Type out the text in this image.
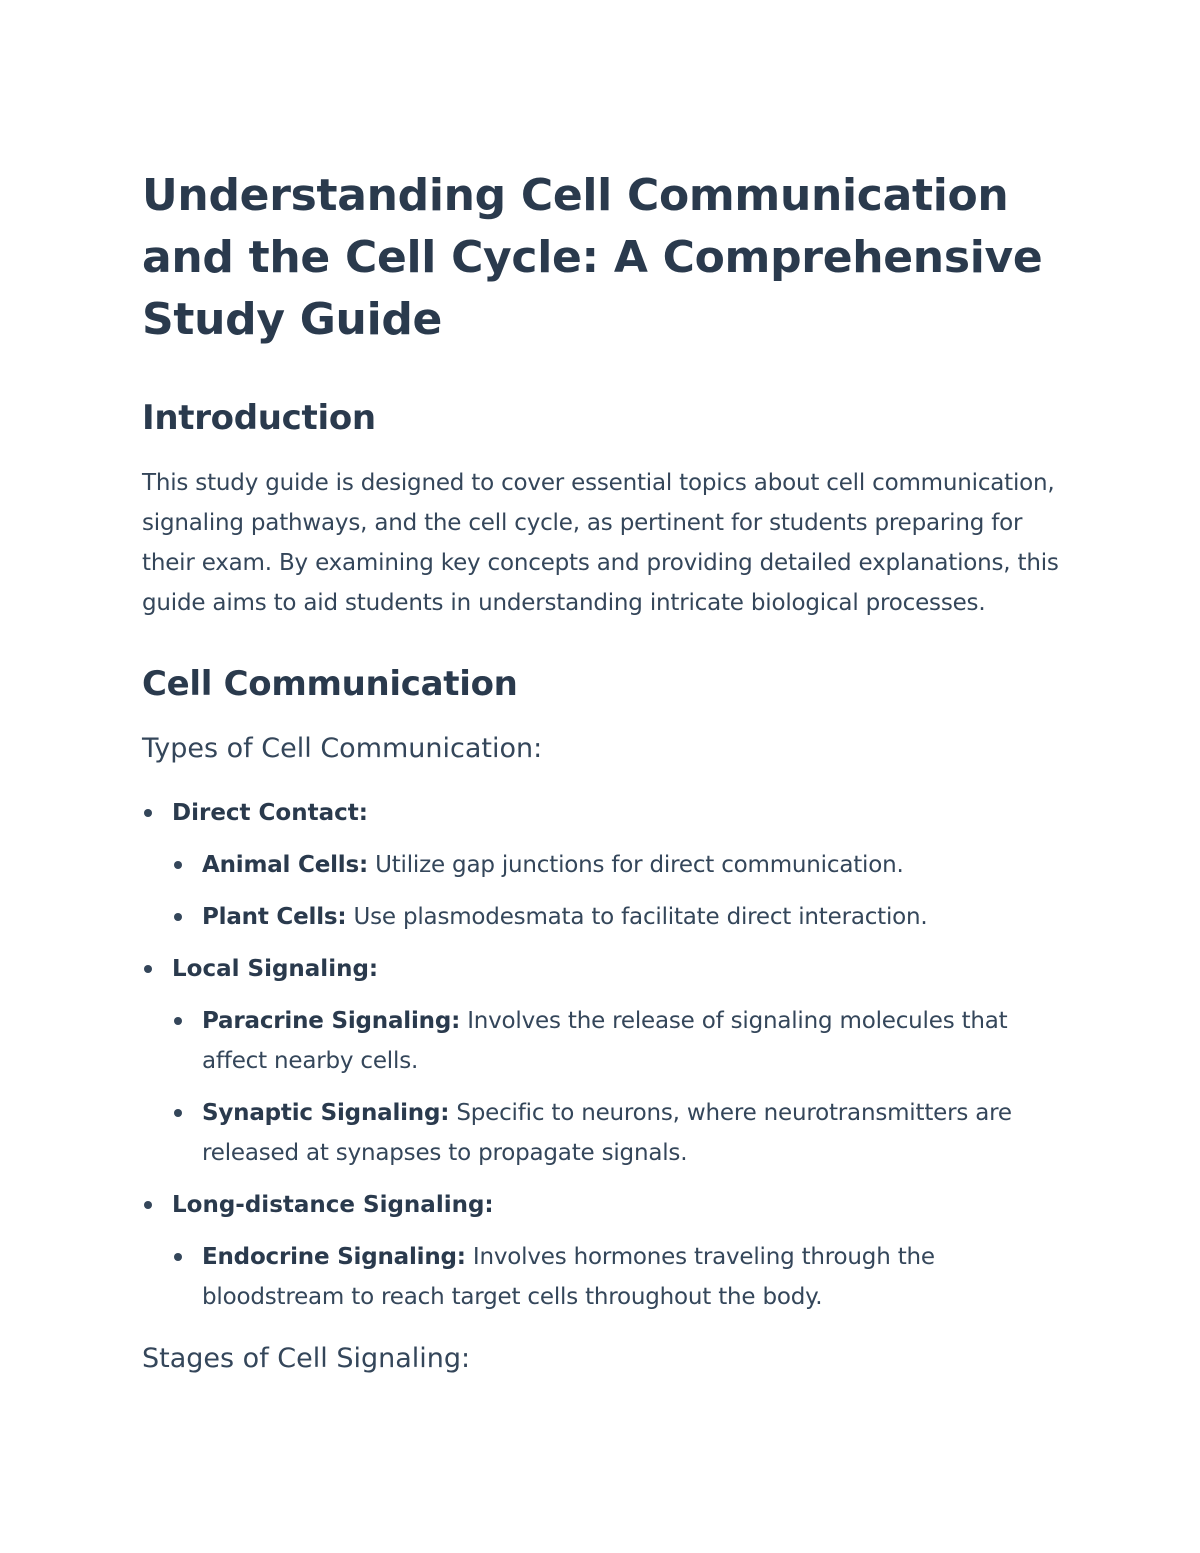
Understanding Cell Communication and the Cell Cycle: A Comprehensive Study Guide
Introduction

This study guide is designed to cover essential topics about cell communication, signaling pathways, and the cell cycle, as pertinent for students preparing for their exam. By examining key concepts and providing detailed explanations, this guide aims to aid students in understanding intricate biological processes.

Cell Communication
Types of Cell Communication:
Direct Contact:
Animal Cells: Utilize gap junctions for direct communication.
Plant Cells: Use plasmodesmata to facilitate direct interaction.
Local Signaling:
Paracrine Signaling: Involves the release of signaling molecules that affect nearby cells.
Synaptic Signaling: Specific to neurons, where neurotransmitters are released at synapses to propagate signals.
Long-distance Signaling:
Endocrine Signaling: Involves hormones traveling through the bloodstream to reach target cells throughout the body.
Stages of Cell Signaling:
